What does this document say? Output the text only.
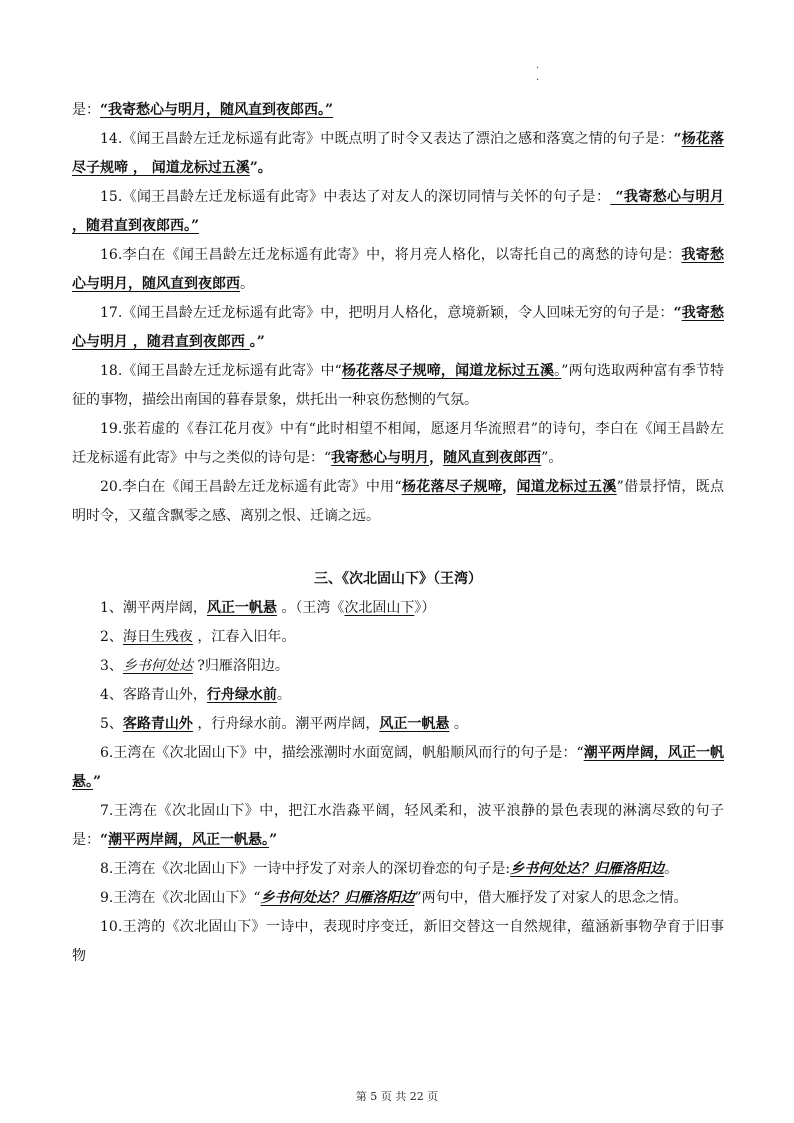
.
.

是：“我寄愁心与明月，随风直到夜郎西。”

14.《闻王昌龄左迁龙标遥有此寄》中既点明了时令又表达了漂泊之感和落寞之情的句子是：“杨花落尽子规啼 ， 闻道龙标过五溪”。

15.《闻王昌龄左迁龙标遥有此寄》中表达了对友人的深切同情与关怀的句子是： “我寄愁心与明月 ，随君直到夜郎西。”

16.李白在《闻王昌龄左迁龙标遥有此寄》中，将月亮人格化，以寄托自己的离愁的诗句是：我寄愁心与明月，随风直到夜郎西。

17.《闻王昌龄左迁龙标遥有此寄》中，把明月人格化，意境新颖，令人回味无穷的句子是：“我寄愁心与明月 ，随君直到夜郎西 。”

18.《闻王昌龄左迁龙标遥有此寄》中“杨花落尽子规啼，闻道龙标过五溪。”两句选取两种富有季节特征的事物，描绘出南国的暮春景象，烘托出一种哀伤愁恻的气氛。

19.张若虚的《春江花月夜》中有“此时相望不相闻，愿逐月华流照君”的诗句，李白在《闻王昌龄左迁龙标遥有此寄》中与之类似的诗句是：“我寄愁心与明月，随风直到夜郎西”。

20.李白在《闻王昌龄左迁龙标遥有此寄》中用“杨花落尽子规啼，闻道龙标过五溪”借景抒情，既点明时令，又蕴含飘零之感、离别之恨、迁谪之远。

三、《次北固山下》（王湾）

1、潮平两岸阔，风正一帆悬 。（王湾《次北固山下》）

2、海日生残夜 ，江春入旧年。

3、乡书何处达 ?归雁洛阳边。

4、客路青山外，行舟绿水前。

5、客路青山外 ，行舟绿水前。潮平两岸阔，风正一帆悬 。

6.王湾在《次北固山下》中，描绘涨潮时水面宽阔，帆船顺风而行的句子是：“潮平两岸阔，风正一帆悬。”

7.王湾在《次北固山下》中，把江水浩淼平阔，轻风柔和，波平浪静的景色表现的淋漓尽致的句子是：“潮平两岸阔，风正一帆悬。”

8.王湾在《次北固山下》一诗中抒发了对亲人的深切眷恋的句子是:乡书何处达？归雁洛阳边。

9.王湾在《次北固山下》“乡书何处达？归雁洛阳边”两句中，借大雁抒发了对家人的思念之情。

10.王湾的《次北固山下》一诗中，表现时序变迁，新旧交替这一自然规律，蕴涵新事物孕育于旧事物

第 5 页 共 22 页
